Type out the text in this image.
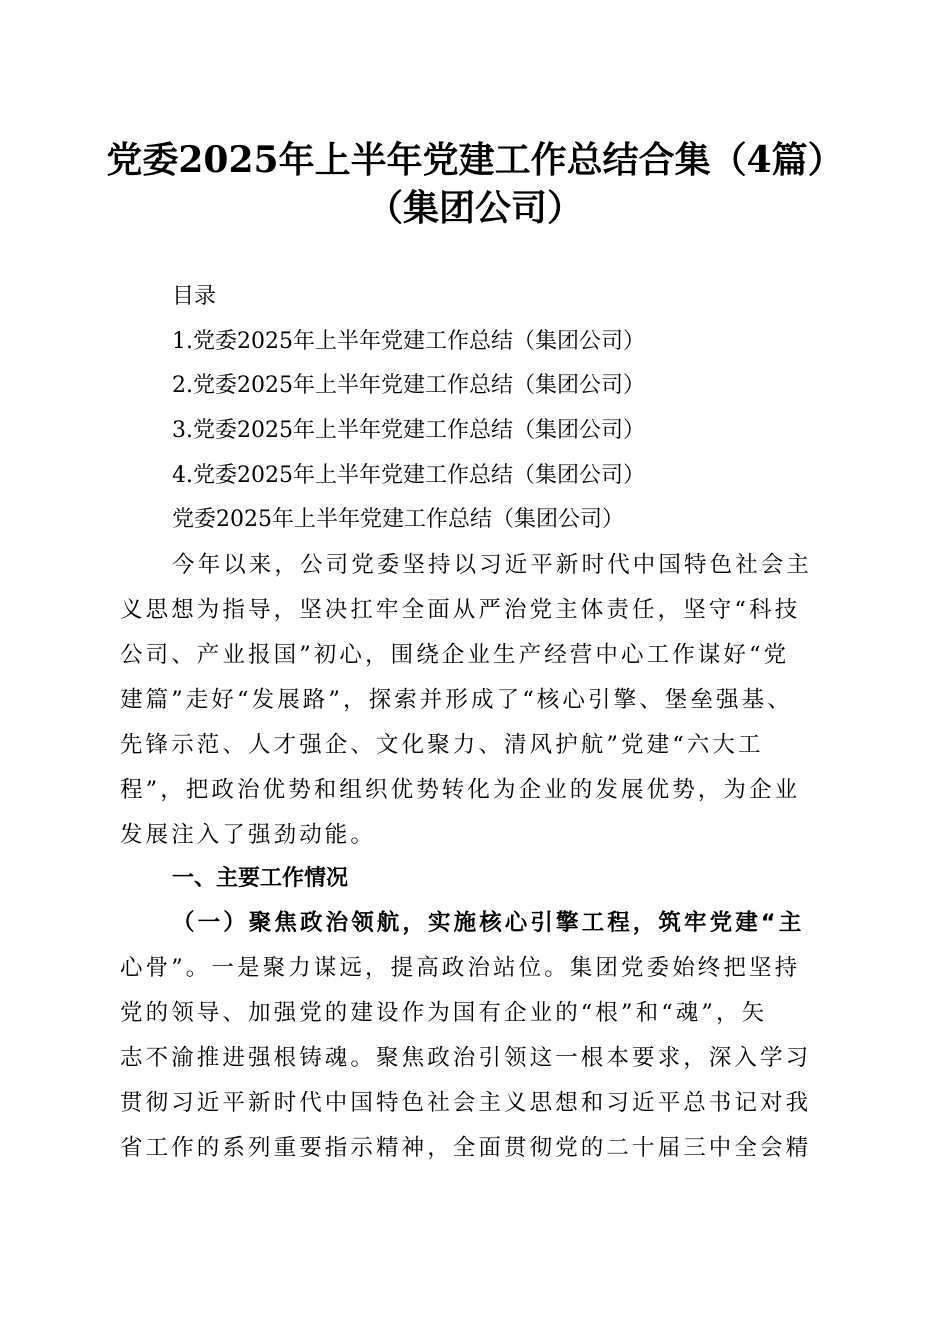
党委2025年上半年党建工作总结合集（4篇）
（集团公司）

目录

1.党委2025年上半年党建工作总结（集团公司）

2.党委2025年上半年党建工作总结（集团公司）

3.党委2025年上半年党建工作总结（集团公司）

4.党委2025年上半年党建工作总结（集团公司）

党委2025年上半年党建工作总结（集团公司）

今年以来，公司党委坚持以习近平新时代中国特色社会主

义思想为指导，坚决扛牢全面从严治党主体责任，坚守“科技

公司、产业报国”初心，围绕企业生产经营中心工作谋好“党

建篇”走好“发展路”，探索并形成了“核心引擎、堡垒强基、

先锋示范、人才强企、文化聚力、清风护航”党建“六大工

程”，把政治优势和组织优势转化为企业的发展优势，为企业

发展注入了强劲动能。

一、主要工作情况

（一）聚焦政治领航，实施核心引擎工程，筑牢党建“主

心骨”。一是聚力谋远，提高政治站位。集团党委始终把坚持

党的领导、加强党的建设作为国有企业的“根”和“魂”，矢

志不渝推进强根铸魂。聚焦政治引领这一根本要求，深入学习

贯彻习近平新时代中国特色社会主义思想和习近平总书记对我

省工作的系列重要指示精神，全面贯彻党的二十届三中全会精
